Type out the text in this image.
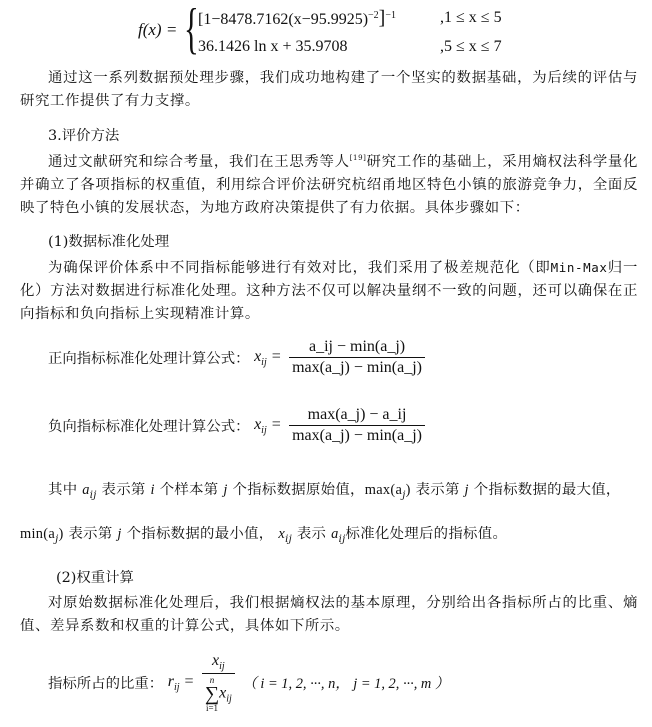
f(x) = { $[1-8478.7162(x-95.9925)^{-2}]^{-1}$	,1 ≤ x ≤ 5
36.1426 ln x + 35.9708	,5 ≤ x ≤ 7
通过这一系列数据预处理步骤，我们成功地构建了一个坚实的数据基础，为后续的评估与研究工作提供了有力支撑。
3.评价方法
通过文献研究和综合考量，我们在王思秀等人[19]研究工作的基础上，采用熵权法科学量化并确立了各项指标的权重值，利用综合评价法研究杭绍甬地区特色小镇的旅游竞争力，全面反映了特色小镇的发展状态，为地方政府决策提供了有力依据。具体步骤如下：
(1)数据标准化处理
为确保评价体系中不同指标能够进行有效对比，我们采用了极差规范化（即Min-Max归一化）方法对数据进行标准化处理。这种方法不仅可以解决量纲不一致的问题，还可以确保在正向指标和负向指标上实现精准计算。
正向指标标准化处理计算公式： $x_{ij} = \frac{a\_ij - \min(a\_j)}{\max(a\_j) - \min(a\_j)}$
负向指标标准化处理计算公式： $x_{ij} = \frac{\max(a\_j) - a\_ij}{\max(a\_j) - \min(a\_j)}$
其中 $a_{ij}$ 表示第 i 个样本第 j 个指标数据原始值，$\max(a_j)$ 表示第 j 个指标数据的最大值，
$\min(a_j)$ 表示第 j 个指标数据的最小值， $x_{ij}$ 表示 $a_{ij}$标准化处理后的指标值。
(2)权重计算
对原始数据标准化处理后，我们根据熵权法的基本原理，分别给出各指标所占的比重、熵值、差异系数和权重的计算公式，具体如下所示。
指标所占的比重： $r_{ij} = x_{ij}$
n
∑
i=1
$x_{ij}$ （ i = 1, 2, ···, n， j = 1, 2, ···, m ）
